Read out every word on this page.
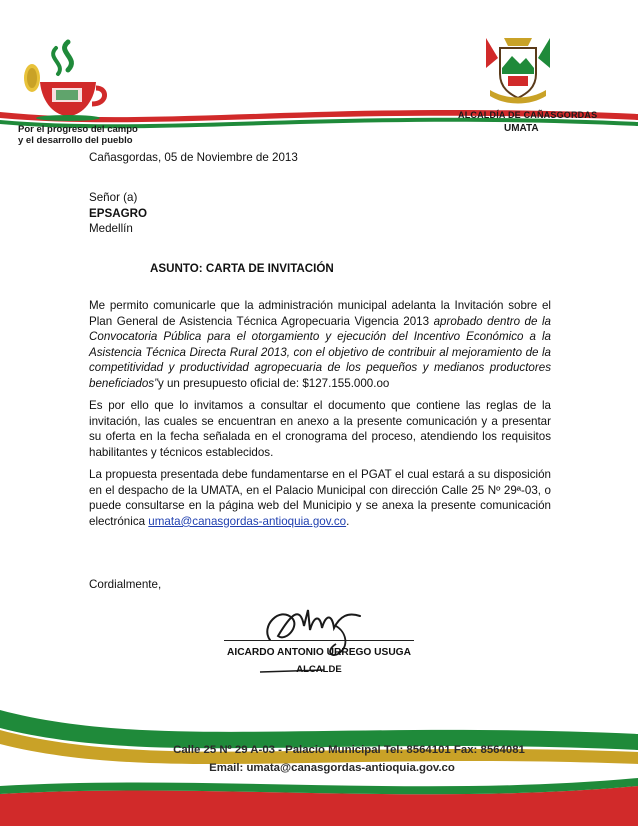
Por el progreso del campo
y el desarrollo del pueblo
ALCALDÍA DE CAÑASGORDAS
UMATA
Cañasgordas, 05 de Noviembre de 2013
Señor (a)
EPSAGRO
Medellín
ASUNTO: CARTA DE INVITACIÓN
Me permito comunicarle que la administración municipal adelanta la Invitación sobre el Plan General de Asistencia Técnica Agropecuaria Vigencia 2013 aprobado dentro de la Convocatoria Pública para el otorgamiento y ejecución del Incentivo Económico a la Asistencia Técnica Directa Rural 2013, con el objetivo de contribuir al mejoramiento de la competitividad y productividad agropecuaria de los pequeños y medianos productores beneficiados”y un presupuesto oficial de: $127.155.000.oo
Es por ello que lo invitamos a consultar el documento que contiene las reglas de la invitación, las cuales se encuentran en anexo a la presente comunicación y a presentar su oferta en la fecha señalada en el cronograma del proceso, atendiendo los requisitos habilitantes y técnicos establecidos.
La propuesta presentada debe fundamentarse en el PGAT el cual estará a su disposición en el despacho de la UMATA, en el Palacio Municipal con dirección Calle 25 Nº 29ª-03, o puede consultarse en la página web del Municipio y se anexa la presente comunicación electrónica umata@canasgordas-antioquia.gov.co.
Cordialmente,
AICARDO ANTONIO URREGO USUGA
ALCALDE
Calle 25 Nº 29 A-03 - Palacio Municipal Tel: 8564101 Fax: 8564081
Email: umata@canasgordas-antioquia.gov.co
